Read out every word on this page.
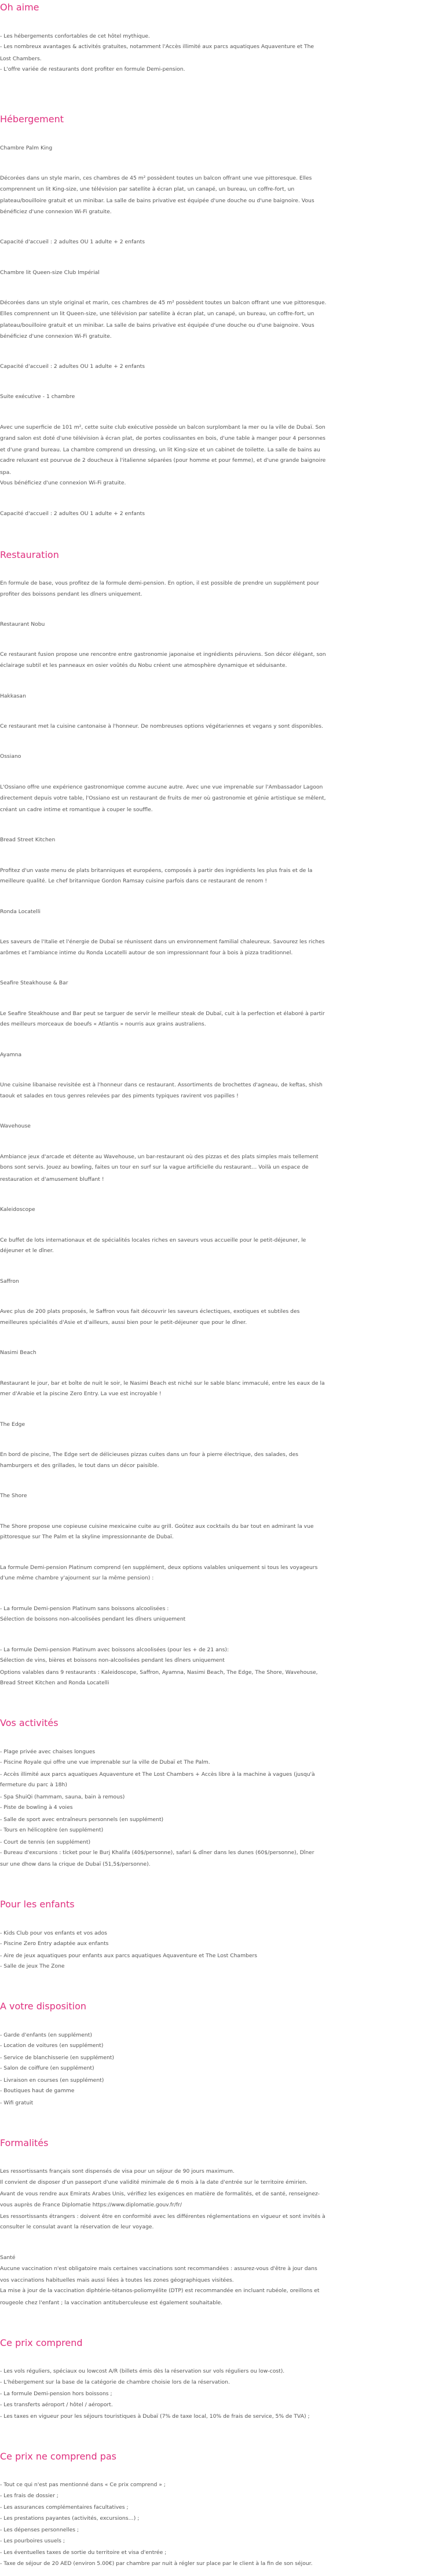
Oh aime

- Les hébergements confortables de cet hôtel mythique.

- Les nombreux avantages & activités gratuites, notamment l'Accès illimité aux parcs aquatiques Aquaventure et The

Lost Chambers.

- L'offre variée de restaurants dont profiter en formule Demi-pension.

Hébergement

Chambre Palm King

Décorées dans un style marin, ces chambres de 45 m² possèdent toutes un balcon offrant une vue pittoresque. Elles

comprennent un lit King-size, une télévision par satellite à écran plat, un canapé, un bureau, un coffre-fort, un

plateau/bouilloire gratuit et un minibar. La salle de bains privative est équipée d'une douche ou d'une baignoire. Vous

bénéficiez d'une connexion Wi-Fi gratuite.

Capacité d'accueil : 2 adultes OU 1 adulte + 2 enfants

Chambre lit Queen-size Club Impérial

Décorées dans un style original et marin, ces chambres de 45 m² possèdent toutes un balcon offrant une vue pittoresque.

Elles comprennent un lit Queen-size, une télévision par satellite à écran plat, un canapé, un bureau, un coffre-fort, un

plateau/bouilloire gratuit et un minibar. La salle de bains privative est équipée d'une douche ou d'une baignoire. Vous

bénéficiez d'une connexion Wi-Fi gratuite.

Capacité d'accueil : 2 adultes OU 1 adulte + 2 enfants

Suite exécutive - 1 chambre

Avec une superficie de 101 m², cette suite club exécutive possède un balcon surplombant la mer ou la ville de Dubaï. Son

grand salon est doté d'une télévision à écran plat, de portes coulissantes en bois, d'une table à manger pour 4 personnes

et d'une grand bureau. La chambre comprend un dressing, un lit King-size et un cabinet de toilette. La salle de bains au

cadre reluxant est pourvue de 2 doucheux à l'italienne séparées (pour homme et pour femme), et d'une grande baignoire

spa.

Vous bénéficiez d'une connexion Wi-Fi gratuite.

Capacité d'accueil : 2 adultes OU 1 adulte + 2 enfants

Restauration

En formule de base, vous profitez de la formule demi-pension. En option, il est possible de prendre un supplément pour

profiter des boissons pendant les dîners uniquement.

Restaurant Nobu

Ce restaurant fusion propose une rencontre entre gastronomie japonaise et ingrédients péruviens. Son décor élégant, son

éclairage subtil et les panneaux en osier voûtés du Nobu créent une atmosphère dynamique et séduisante.

Hakkasan

Ce restaurant met la cuisine cantonaise à l'honneur. De nombreuses options végétariennes et vegans y sont disponibles.

Ossiano

L'Ossiano offre une expérience gastronomique comme aucune autre. Avec une vue imprenable sur l'Ambassador Lagoon

directement depuis votre table, l'Ossiano est un restaurant de fruits de mer où gastronomie et génie artistique se mêlent,

créant un cadre intime et romantique à couper le souffle.

Bread Street Kitchen

Profitez d'un vaste menu de plats britanniques et européens, composés à partir des ingrédients les plus frais et de la

meilleure qualité. Le chef britannique Gordon Ramsay cuisine parfois dans ce restaurant de renom !

Ronda Locatelli

Les saveurs de l'Italie et l'énergie de Dubaï se réunissent dans un environnement familial chaleureux. Savourez les riches

arômes et l'ambiance intime du Ronda Locatelli autour de son impressionnant four à bois à pizza traditionnel.

Seafire Steakhouse & Bar

Le Seafire Steakhouse and Bar peut se targuer de servir le meilleur steak de Dubaï, cuit à la perfection et élaboré à partir

des meilleurs morceaux de boeufs « Atlantis » nourris aux grains australiens.

Ayamna

Une cuisine libanaise revisitée est à l'honneur dans ce restaurant. Assortiments de brochettes d'agneau, de keftas, shish

taouk et salades en tous genres relevées par des piments typiques ravirent vos papilles !

Wavehouse

Ambiance jeux d'arcade et détente au Wavehouse, un bar-restaurant où des pizzas et des plats simples mais tellement

bons sont servis. Jouez au bowling, faites un tour en surf sur la vague artificielle du restaurant… Voilà un espace de

restauration et d'amusement bluffant !

Kaleidoscope

Ce buffet de lots internationaux et de spécialités locales riches en saveurs vous accueille pour le petit-déjeuner, le

déjeuner et le dîner.

Saffron

Avec plus de 200 plats proposés, le Saffron vous fait découvrir les saveurs éclectiques, exotiques et subtiles des

meilleures spécialités d'Asie et d'ailleurs, aussi bien pour le petit-déjeuner que pour le dîner.

Nasimi Beach

Restaurant le jour, bar et boîte de nuit le soir, le Nasimi Beach est niché sur le sable blanc immaculé, entre les eaux de la

mer d'Arabie et la piscine Zero Entry. La vue est incroyable !

The Edge

En bord de piscine, The Edge sert de délicieuses pizzas cuites dans un four à pierre électrique, des salades, des

hamburgers et des grillades, le tout dans un décor paisible.

The Shore

The Shore propose une copieuse cuisine mexicaine cuite au grill. Goûtez aux cocktails du bar tout en admirant la vue

pittoresque sur The Palm et la skyline impressionnante de Dubaï.

La formule Demi-pension Platinum comprend (en supplément, deux options valables uniquement si tous les voyageurs

d'une même chambre y'ajournent sur la même pension) :

- La formule Demi-pension Platinum sans boissons alcoolisées :

Sélection de boissons non-alcoolisées pendant les dîners uniquement

- La formule Demi-pension Platinum avec boissons alcoolisées (pour les + de 21 ans):

Sélection de vins, bières et boissons non-alcoolisées pendant les dîners uniquement

Options valables dans 9 restaurants : Kaleidoscope, Saffron, Ayamna, Nasimi Beach, The Edge, The Shore, Wavehouse,

Bread Street Kitchen and Ronda Locatelli

Vos activités

- Plage privée avec chaises longues

- Piscine Royale qui offre une vue imprenable sur la ville de Dubaï et The Palm.

- Accès illimité aux parcs aquatiques Aquaventure et The Lost Chambers + Accès libre à la machine à vagues (jusqu'à

fermeture du parc à 18h)

- Spa ShuiQi (hammam, sauna, bain à remous)

- Piste de bowling à 4 voies

- Salle de sport avec entraîneurs personnels (en supplément)

- Tours en hélicoptère (en supplément)

- Court de tennis (en supplément)

- Bureau d'excursions : ticket pour le Burj Khalifa (40$/personne), safari & dîner dans les dunes (60$/personne), Dîner

sur une dhow dans la crique de Dubaï (51,5$/personne).

Pour les enfants

- Kids Club pour vos enfants et vos ados

- Piscine Zero Entry adaptée aux enfants

- Aire de jeux aquatiques pour enfants aux parcs aquatiques Aquaventure et The Lost Chambers

- Salle de jeux The Zone

A votre disposition

- Garde d'enfants (en supplément)

- Location de voitures (en supplément)

- Service de blanchisserie (en supplément)

- Salon de coiffure (en supplément)

- Livraison en courses (en supplément)

- Boutiques haut de gamme

- Wifi gratuit

Formalités

Les ressortissants français sont dispensés de visa pour un séjour de 90 jours maximum.

Il convient de disposer d'un passeport d'une validité minimale de 6 mois à la date d'entrée sur le territoire émirien.

Avant de vous rendre aux Emirats Arabes Unis, vérifiez les exigences en matière de formalités, et de santé, renseignez-

vous auprès de France Diplomatie https://www.diplomatie.gouv.fr/fr/

Les ressortissants étrangers : doivent être en conformité avec les différentes réglementations en vigueur et sont invités à

consulter le consulat avant la réservation de leur voyage.

Santé

Aucune vaccination n'est obligatoire mais certaines vaccinations sont recommandées : assurez-vous d'être à jour dans

vos vaccinations habituelles mais aussi liées à toutes les zones géographiques visitées.

La mise à jour de la vaccination diphtérie-tétanos-poliomyélite (DTP) est recommandée en incluant rubéole, oreillons et

rougeole chez l'enfant ; la vaccination antituberculeuse est également souhaitable.

Ce prix comprend

- Les vols réguliers, spéciaux ou lowcost A/R (billets émis dès la réservation sur vols réguliers ou low-cost).

- L'hébergement sur la base de la catégorie de chambre choisie lors de la réservation.

- La formule Demi-pension hors boissons ;

- Les transferts aéroport / hôtel / aéroport.

- Les taxes en vigueur pour les séjours touristiques à Dubaï (7% de taxe local, 10% de frais de service, 5% de TVA) ;

Ce prix ne comprend pas

- Tout ce qui n'est pas mentionné dans « Ce prix comprend » ;

- Les frais de dossier ;

- Les assurances complémentaires facultatives ;

- Les prestations payantes (activités, excursions…) ;

- Les dépenses personnelles ;

- Les pourboires usuels ;

- Les éventuelles taxes de sortie du territoire et visa d'entrée ;

- Taxe de séjour de 20 AED (environ 5.00€) par chambre par nuit à régler sur place par le client à la fin de son séjour.
